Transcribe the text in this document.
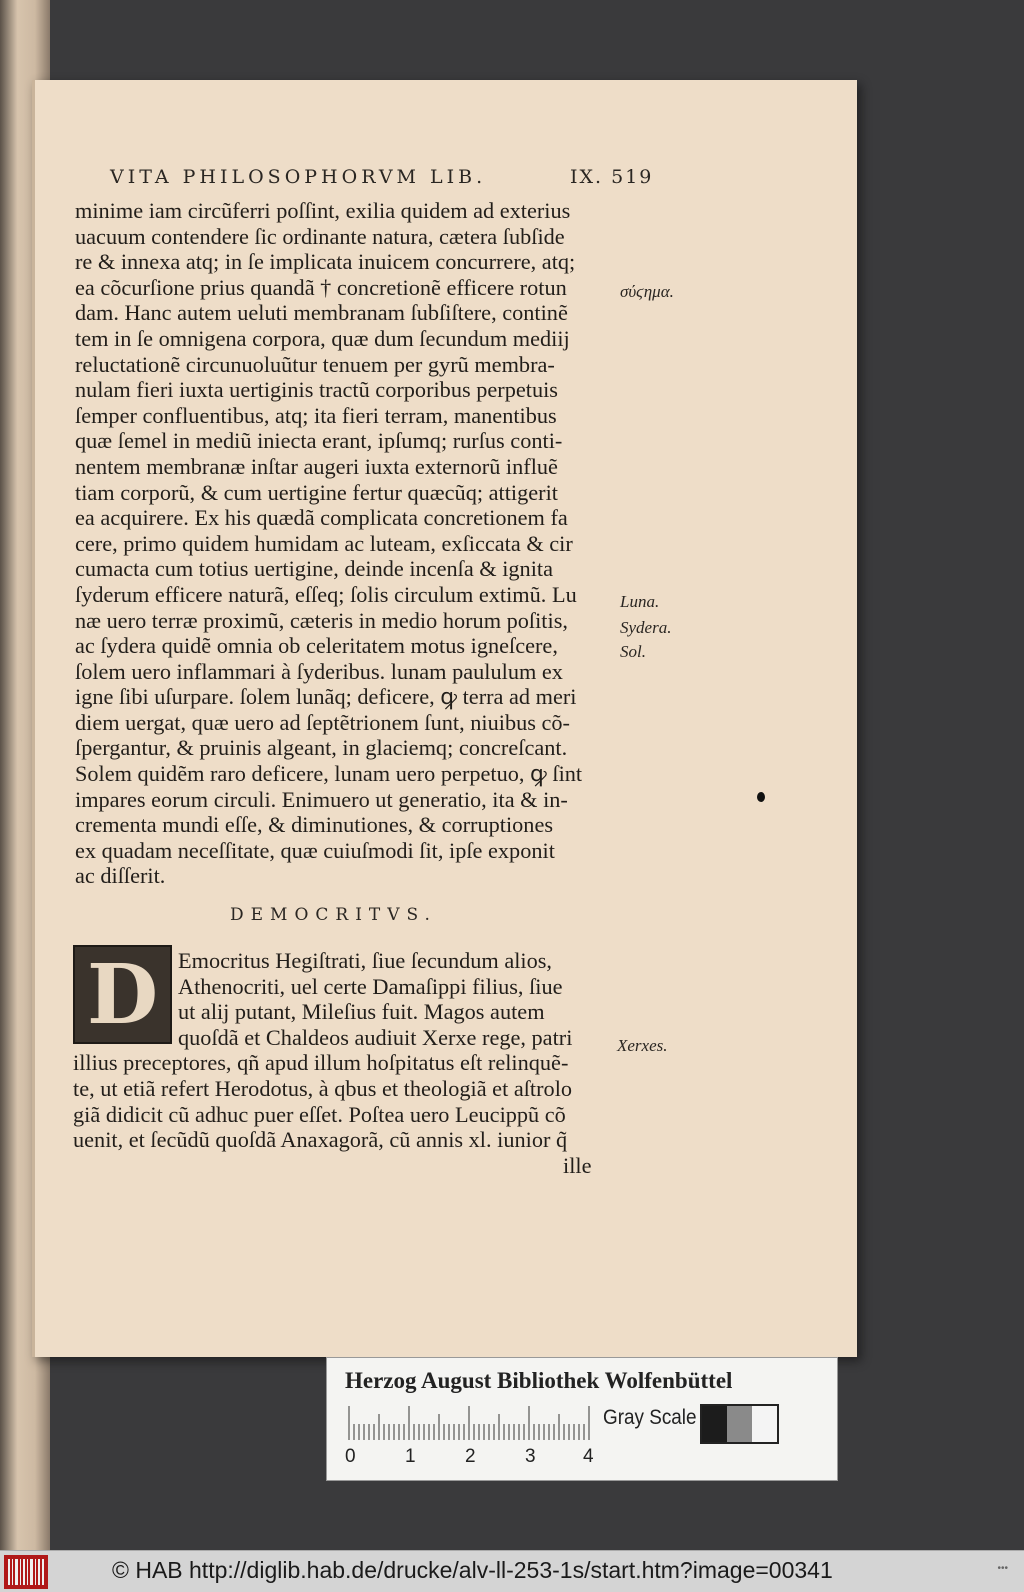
VITA PHILOSOPHORVM LIB.	IX. 519
minime iam circũferri poſſint, exilia quidem ad exterius
uacuum contendere ſic ordinante natura, cætera ſubſide
re & innexa atq; in ſe implicata inuicem concurrere, atq;
ea cõcurſione prius quandã † concretionẽ efficere rotun
dam. Hanc autem ueluti membranam ſubſiſtere, continẽ
tem in ſe omnigena corpora, quæ dum ſecundum mediĳ
reluctationẽ circunuoluũtur tenuem per gyrũ membra-
nulam fieri iuxta uertiginis tractũ corporibus perpetuis
ſemper confluentibus, atq; ita fieri terram, manentibus
quæ ſemel in mediũ iniecta erant, ipſumq; rurſus conti-
nentem membranæ inſtar augeri iuxta externorũ influẽ
tiam corporũ, & cum uertigine fertur quæcũq; attigerit
ea acquirere. Ex his quædã complicata concretionem fa
cere, primo quidem humidam ac luteam, exſiccata & cir
cumacta cum totius uertigine, deinde incenſa & ignita
ſyderum efficere naturã, eſſeq; ſolis circulum extimũ. Lu
næ uero terræ proximũ, cæteris in medio horum poſitis,
ac ſydera quidẽ omnia ob celeritatem motus igneſcere,
ſolem uero inflammari à ſyderibus. lunam paululum ex
igne ſibi uſurpare. ſolem lunãq; deficere, ꝙ terra ad meri
diem uergat, quæ uero ad ſeptẽtrionem ſunt, niuibus cõ-
ſpergantur, & pruinis algeant, in glaciemq; concreſcant.
Solem quidẽm raro deficere, lunam uero perpetuo, ꝙ ſint
impares eorum circuli. Enimuero ut generatio, ita & in-
crementa mundi eſſe, & diminutiones, & corruptiones
ex quadam neceſſitate, quæ cuiuſmodi ſit, ipſe exponit
ac diſſerit.
σύϛημα.
Luna.
Sydera.
Sol.
Xerxes.
DEMOCRITVS.
D Emocritus Hegiſtrati, ſiue ſecundum alios,
Athenocriti, uel certe Damaſippi filius, ſiue
ut alĳ putant, Mileſius fuit. Magos autem
quoſdã et Chaldeos audiuit Xerxe rege, patri
illius preceptores, qñ apud illum hoſpitatus eſt relinquẽ-
te, ut etiã refert Herodotus, à qbus et theologiã et aſtrolo
giã didicit cũ adhuc puer eſſet. Poſtea uero Leucippũ cõ
uenit, et ſecũdũ quoſdã Anaxagorã, cũ annis xl. iunior q̃
ille
Herzog August Bibliothek Wolfenbüttel
0	1	2	3 4
Gray Scale
© HAB http://diglib.hab.de/drucke/alv-ll-253-1s/start.htm?image=00341	•••
